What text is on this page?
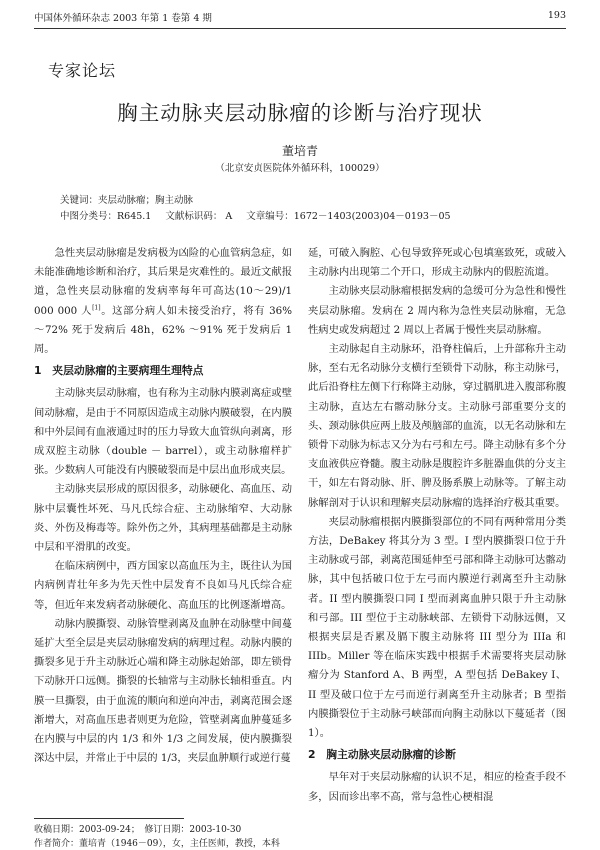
中国体外循环杂志 2003 年第 1 卷第 4 期	193
专家论坛
胸主动脉夹层动脉瘤的诊断与治疗现状
董培青
（北京安贞医院体外循环科，100029）
关键词：夹层动脉瘤；胸主动脉
中图分类号：R645.1 文献标识码： A 文章编号：1672－1403(2003)04－0193－05

急性夹层动脉瘤是发病极为凶险的心血管病急症，如未能准确地诊断和治疗，其后果是灾难性的。最近文献报道，急性夹层动脉瘤的发病率每年可高达(10～29)/1 000 000 人[1]。这部分病人如未接受治疗，将有 36% ～72% 死于发病后 48h，62% ～91% 死于发病后 1 周。

1　夹层动脉瘤的主要病理生理特点

主动脉夹层动脉瘤，也有称为主动脉内膜剥离症或壁间动脉瘤，是由于不同原因造成主动脉内膜破裂，在内膜和中外层间有血液通过时的压力导致大血管纵向剥离，形成双腔主动脉（double － barrel），或主动脉瘤样扩张。少数病人可能没有内膜破裂而是中层出血形成夹层。

主动脉夹层形成的原因很多，动脉硬化、高血压、动脉中层囊性坏死、马凡氏综合症、主动脉缩窄、大动脉炎、外伤及梅毒等。除外伤之外，其病理基础都是主动脉中层和平滑肌的改变。

在临床病例中，西方国家以高血压为主，既往认为国内病例青壮年多为先天性中层发育不良如马凡氏综合症等，但近年来发病者动脉硬化、高血压的比例逐渐增高。

动脉内膜撕裂、动脉管壁剥离及血肿在动脉壁中间蔓延扩大至全层是夹层动脉瘤发病的病理过程。动脉内膜的撕裂多见于升主动脉近心端和降主动脉起始部，即左锁骨下动脉开口远侧。撕裂的长轴常与主动脉长轴相垂直。内膜一旦撕裂，由于血流的顺向和逆向冲击，剥离范围会逐渐增大，对高血压患者则更为危险，管壁剥离血肿蔓延多在内膜与中层的内 1/3 和外 1/3 之间发展，使内膜撕裂深达中层，并常止于中层的 1/3，夹层血肿顺行或逆行蔓

延，可破入胸腔、心包导致猝死或心包填塞致死，或破入主动脉内出现第二个开口，形成主动脉内的假腔流道。

主动脉夹层动脉瘤根据发病的急缓可分为急性和慢性夹层动脉瘤。发病在 2 周内称为急性夹层动脉瘤，无急性病史或发病超过 2 周以上者属于慢性夹层动脉瘤。

主动脉起自主动脉环，沿脊柱偏后，上升部称升主动脉，至右无名动脉分支横行至锁骨下动脉，称主动脉弓，此后沿脊柱左侧下行称降主动脉，穿过膈肌进入腹部称腹主动脉，直达左右髂动脉分支。主动脉弓部重要分支的头、颈动脉供应两上肢及颅脑部的血流，以无名动脉和左锁骨下动脉为标志又分为右弓和左弓。降主动脉有多个分支血液供应脊髓。腹主动脉是腹腔许多脏器血供的分支主干，如左右肾动脉、肝、脾及肠系膜上动脉等。了解主动脉解剖对于认识和理解夹层动脉瘤的选择治疗极其重要。

夹层动脉瘤根据内膜撕裂部位的不同有两种常用分类方法，DeBakey 将其分为 3 型。I 型内膜撕裂口位于升主动脉或弓部，剥离范围延伸至弓部和降主动脉可达髂动脉，其中包括破口位于左弓而内膜逆行剥离至升主动脉者。II 型内膜撕裂口同 I 型而剥离血肿只限于升主动脉和弓部。III 型位于主动脉峡部、左锁骨下动脉远侧，又根据夹层是否累及膈下腹主动脉将 III 型分为 IIIa 和 IIIb。Miller 等在临床实践中根据手术需要将夹层动脉瘤分为 Stanford A、B 两型，A 型包括 DeBakey I、II 型及破口位于左弓而逆行剥离至升主动脉者；B 型指内膜撕裂位于主动脉弓峡部而向胸主动脉以下蔓延者（图 1）。

2　胸主动脉夹层动脉瘤的诊断

早年对于夹层动脉瘤的认识不足，相应的检查手段不多，因而诊出率不高，常与急性心梗相混

收稿日期：2003-09-24；　修订日期：2003-10-30
作者简介：董培青（1946－09），女，主任医师，教授，本科
